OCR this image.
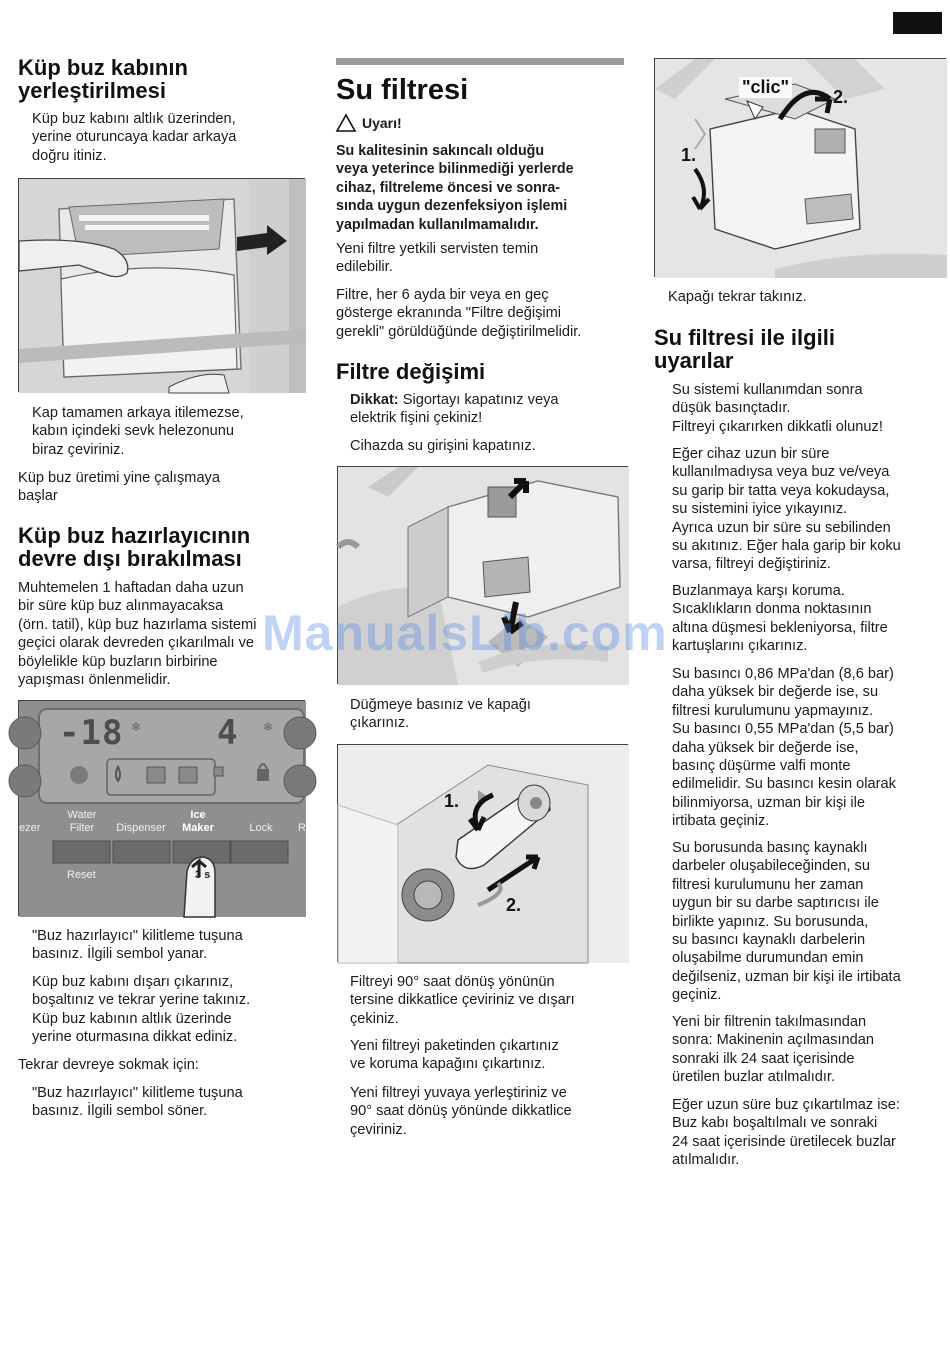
Küp buz kabının
yerleştirilmesi
Küp buz kabını altlık üzerinden,
yerine oturuncaya kadar arkaya
doğru itiniz.
Kap tamamen arkaya itilemezse,
kabın içindeki sevk helezonunu
biraz çeviriniz.
Küp buz üretimi yine çalışmaya
başlar
Küp buz hazırlayıcının
devre dışı bırakılması
Muhtemelen 1 haftadan daha uzun
bir süre küp buz alınmayacaksa
(örn. tatil), küp buz hazırlama sistemi
geçici olarak devreden çıkarılmalı ve
böylelikle küp buzların birbirine
yapışması önlenmelidir.
❄	❄
-18	4
ezer
Water
Filter	Dispenser
Ice
Maker	Lock	R
Reset	3 s
"Buz hazırlayıcı" kilitleme tuşuna
basınız. İlgili sembol yanar.
Küp buz kabını dışarı çıkarınız,
boşaltınız ve tekrar yerine takınız.
Küp buz kabının altlık üzerinde
yerine oturmasına dikkat ediniz.
Tekrar devreye sokmak için:
"Buz hazırlayıcı" kilitleme tuşuna
basınız. İlgili sembol söner.
Su filtresi
Uyarı!
Su kalitesinin sakıncalı olduğu
veya yeterince bilinmediği yerlerde
cihaz, filtreleme öncesi ve sonra-
sında uygun dezenfeksiyon işlemi
yapılmadan kullanılmamalıdır.
Yeni filtre yetkili servisten temin
edilebilir.
Filtre, her 6 ayda bir veya en geç
gösterge ekranında "Filtre değişimi
gerekli" görüldüğünde değiştirilmelidir.
Filtre değişimi
Dikkat: Sigortayı kapatınız veya
elektrik fişini çekiniz!
Cihazda su girişini kapatınız.
Düğmeye basınız ve kapağı
çıkarınız.
1.
2.
Filtreyi 90° saat dönüş yönünün
tersine dikkatlice çeviriniz ve dışarı
çekiniz.
Yeni filtreyi paketinden çıkartınız
ve koruma kapağını çıkartınız.
Yeni filtreyi yuvaya yerleştiriniz ve
90° saat dönüş yönünde dikkatlice
çeviriniz.
"clic"
1.
2.
Kapağı tekrar takınız.
Su filtresi ile ilgili
uyarılar
Su sistemi kullanımdan sonra
düşük basınçtadır.
Filtreyi çıkarırken dikkatli olunuz!
Eğer cihaz uzun bir süre
kullanılmadıysa veya buz ve/veya
su garip bir tatta veya kokudaysa,
su sistemini iyice yıkayınız.
Ayrıca uzun bir süre su sebilinden
su akıtınız. Eğer hala garip bir koku
varsa, filtreyi değiştiriniz.
Buzlanmaya karşı koruma.
Sıcaklıkların donma noktasının
altına düşmesi bekleniyorsa, filtre
kartuşlarını çıkarınız.
Su basıncı 0,86 MPa'dan (8,6 bar)
daha yüksek bir değerde ise, su
filtresi kurulumunu yapmayınız.
Su basıncı 0,55 MPa'dan (5,5 bar)
daha yüksek bir değerde ise,
basınç düşürme valfi monte
edilmelidir. Su basıncı kesin olarak
bilinmiyorsa, uzman bir kişi ile
irtibata geçiniz.
Su borusunda basınç kaynaklı
darbeler oluşabileceğinden, su
filtresi kurulumunu her zaman
uygun bir su darbe saptırıcısı ile
birlikte yapınız. Su borusunda,
su basıncı kaynaklı darbelerin
oluşabilme durumundan emin
değilseniz, uzman bir kişi ile irtibata
geçiniz.
Yeni bir filtrenin takılmasından
sonra: Makinenin açılmasından
sonraki ilk 24 saat içerisinde
üretilen buzlar atılmalıdır.
Eğer uzun süre buz çıkartılmaz ise:
Buz kabı boşaltılmalı ve sonraki
24 saat içerisinde üretilecek buzlar
atılmalıdır.
ManualsLib.com
